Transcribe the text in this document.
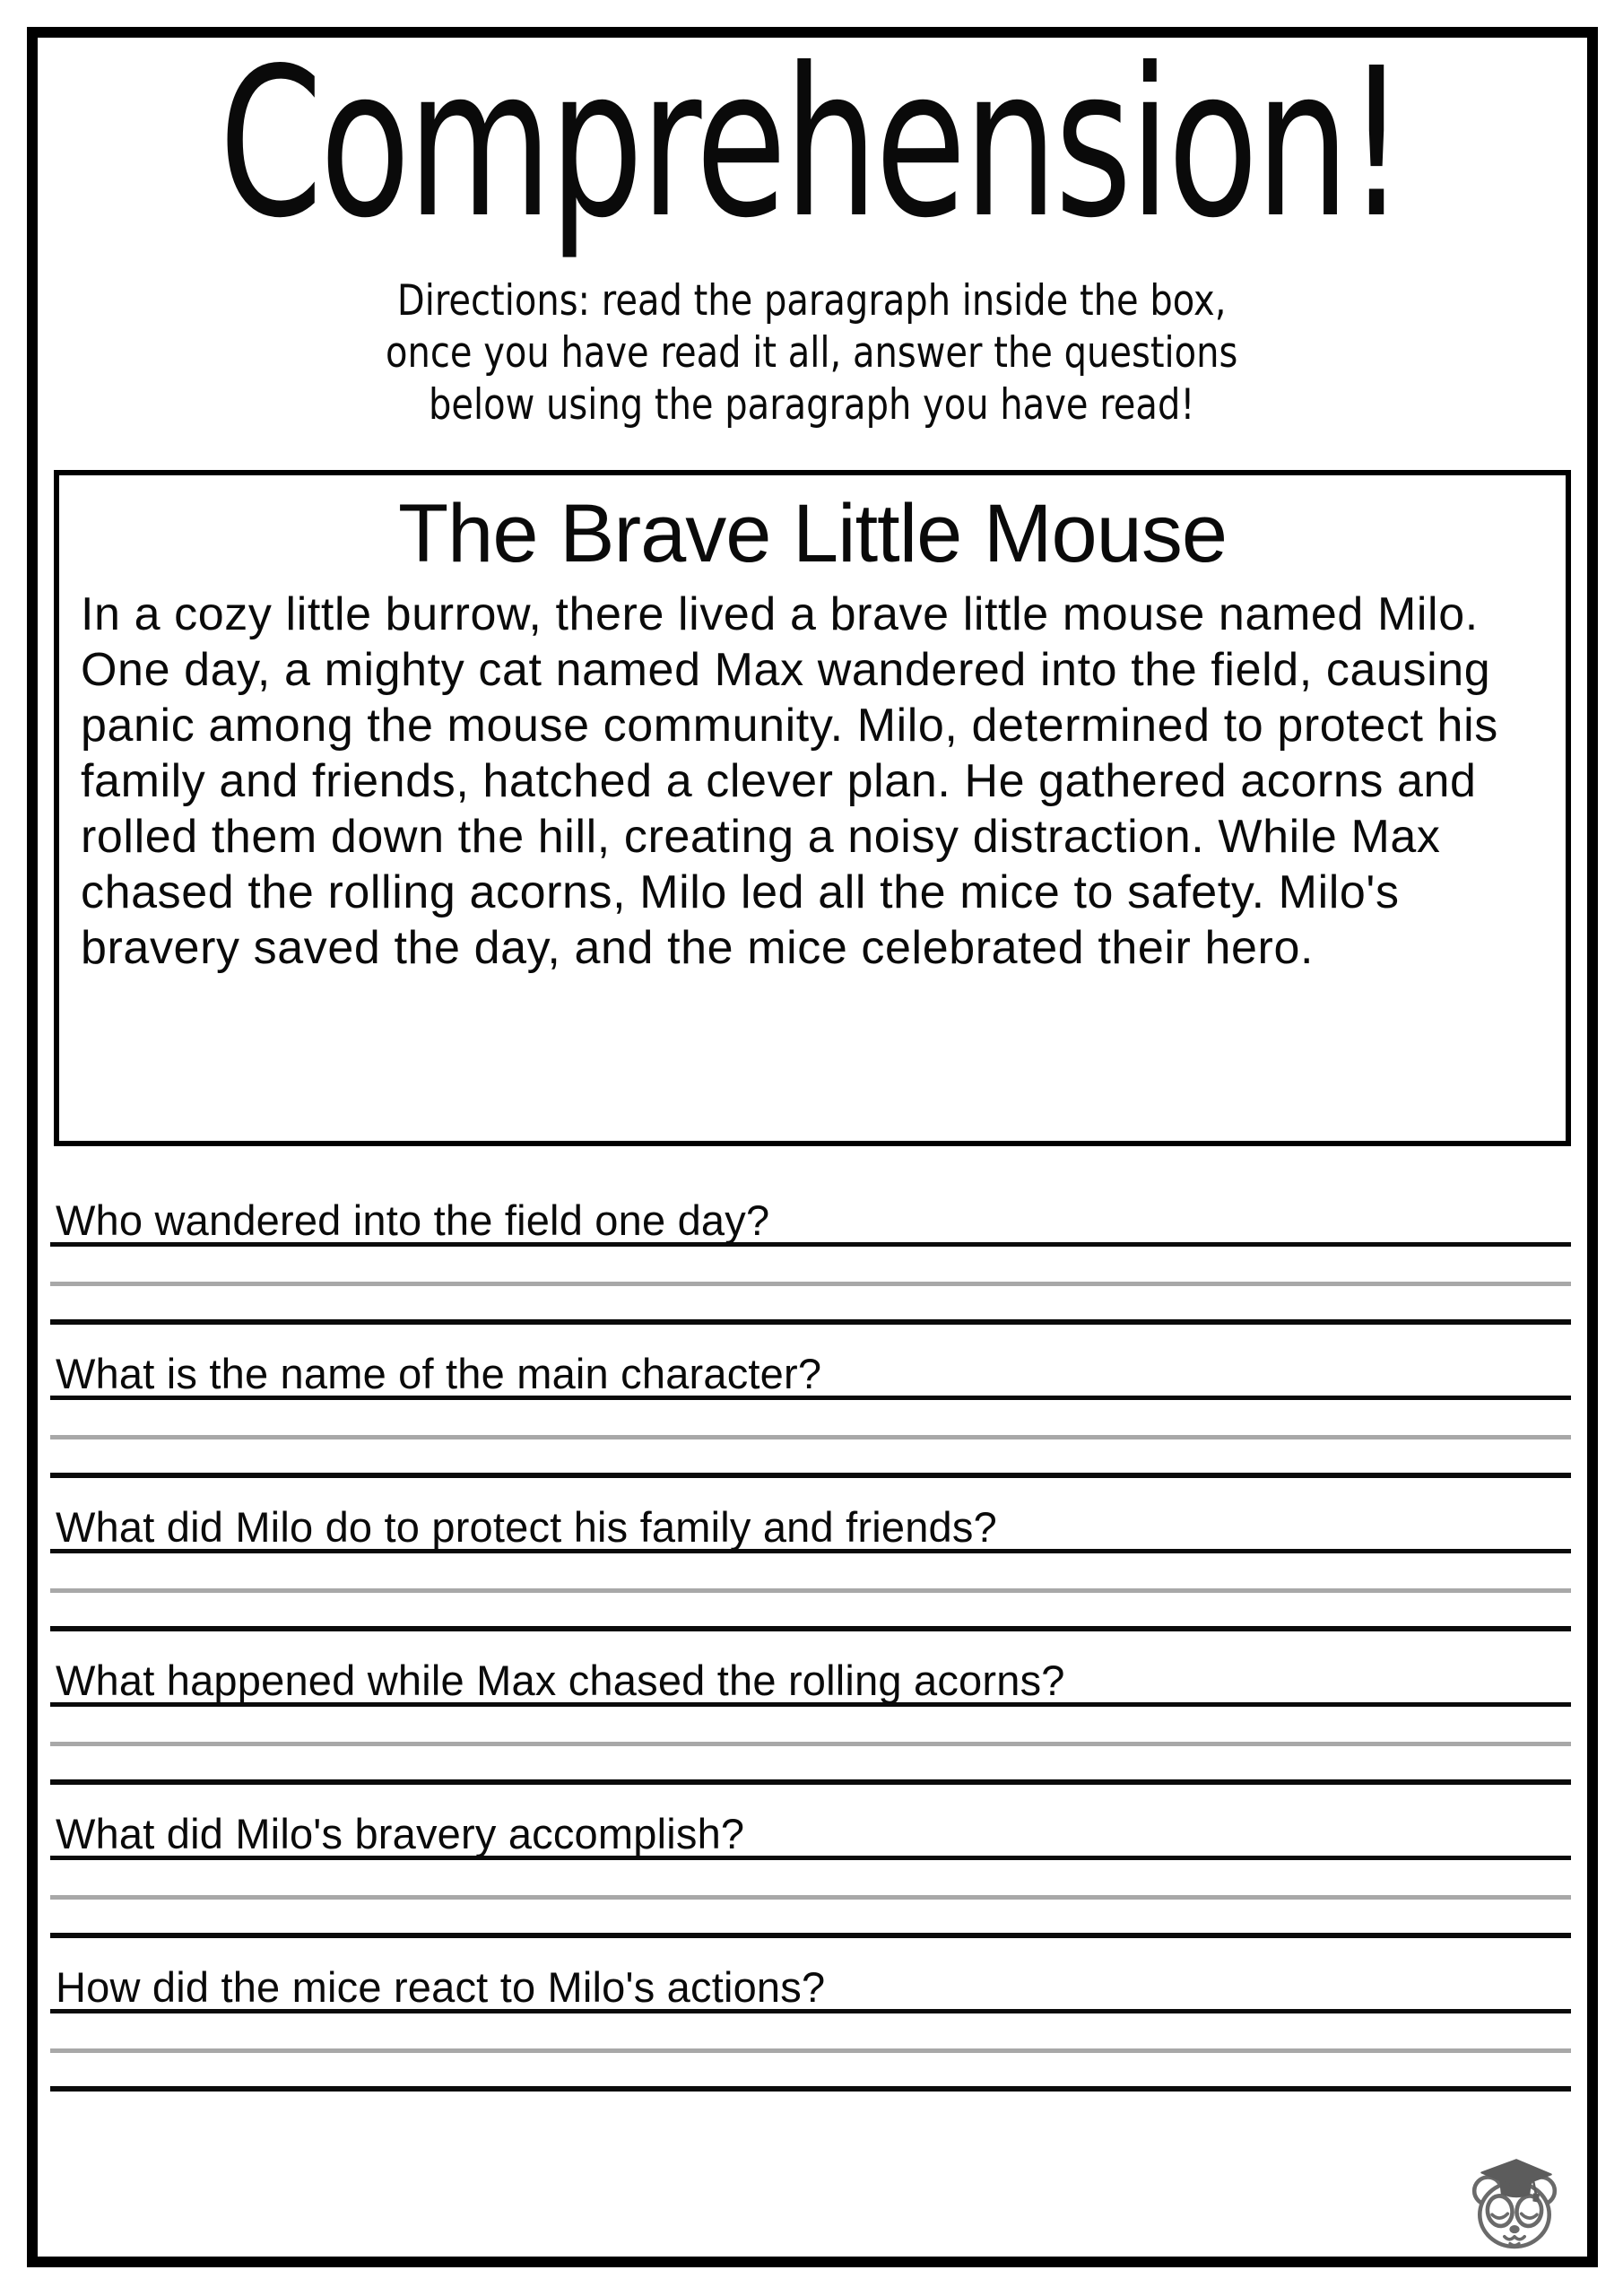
Comprehension!
Directions: read the paragraph inside the box,
once you have read it all, answer the questions
below using the paragraph you have read!
The Brave Little Mouse
In a cozy little burrow, there lived a brave little mouse named Milo. One day, a mighty cat named Max wandered into the field, causing panic among the mouse community. Milo, determined to protect his family and friends, hatched a clever plan. He gathered acorns and rolled them down the hill, creating a noisy distraction. While Max chased the rolling acorns, Milo led all the mice to safety. Milo's bravery saved the day, and the mice celebrated their hero.
Who wandered into the field one day?
What is the name of the main character?
What did Milo do to protect his family and friends?
What happened while Max chased the rolling acorns?
What did Milo's bravery accomplish?
How did the mice react to Milo's actions?
